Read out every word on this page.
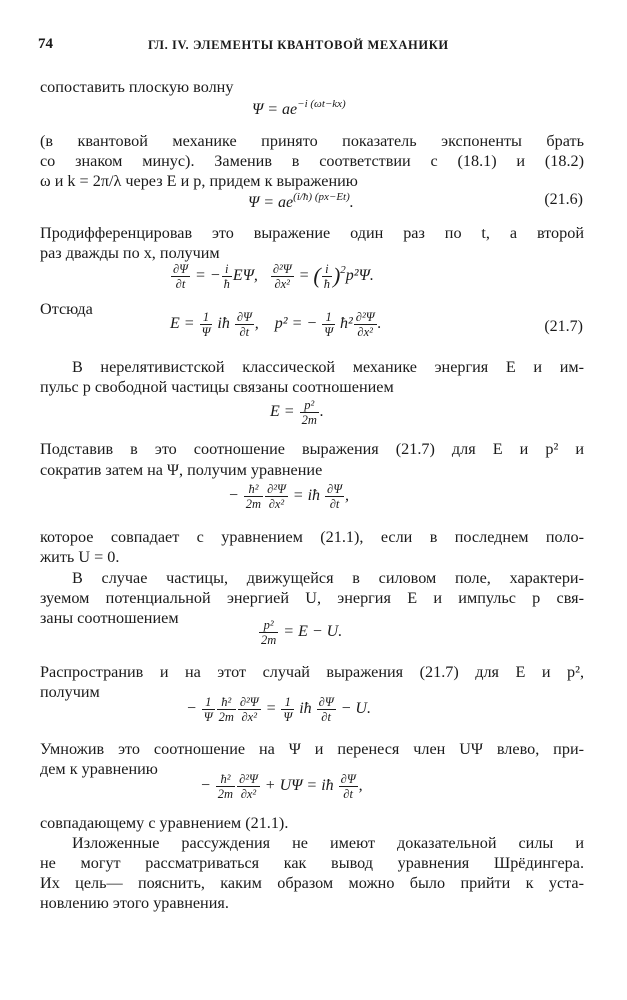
74	ГЛ. IV. ЭЛЕМЕНТЫ КВАНТОВОЙ МЕХАНИКИ
сопоставить плоскую волну
$\Psi = ae^{-i (\omega t-kx)}$
(в квантовой механике принято показатель экспоненты брать
со знаком минус). Заменив в соответствии с (18.1) и (18.2)
ω и k = 2π/λ через E и p, придем к выражению
$\Psi = ae^{(i/ħ) (px-Et)}$.	(21.6)
Продифференцировав это выражение один раз по t, а второй
раз дважды по x, получим
$\frac{\partial\Psi}{\partial t}$ = − $\frac{i}{ħ} E\Psi$, $\frac{\text{∂²Ψ}}{\text{∂x²}}$ = ( $\frac{i}{ħ} )^2p^2\Psi$.
Отсюда
$E = \frac{1}{\Psi}$ iħ $\frac{\partial\Psi}{\partial t}$ ,    p² = − $\frac{1}{\Psi}$ ħ² $\frac{\text{∂²Ψ}}{\text{∂x²}}$ .	(21.7)
В нерелятивистской классической механике энергия E и им-
пульс p свободной частицы связаны соотношением
$E = \frac{\text{p²}}{2m}$ .
Подставив в это соотношение выражения (21.7) для E и p² и
сократив затем на Ψ, получим уравнение
− $\frac{\text{ħ²}}{2m} \frac{\text{∂²Ψ}}{\text{∂x²}}$ = iħ $\frac{\partial\Psi}{\partial t}$ ,
которое совпадает с уравнением (21.1), если в последнем поло-
жить U = 0.
В случае частицы, движущейся в силовом поле, характери-
зуемом потенциальной энергией U, энергия E и импульс p свя-
заны соотношением	$\frac{\text{p²}}{2m} = E - U$.
Распространив и на этот случай выражения (21.7) для E и p²,
получим
− $\frac{1}{\Psi} \frac{\text{ħ²}}{2m} \frac{\text{∂²Ψ}}{\text{∂x²}} = \frac{1}{\Psi}$ iħ $\frac{\partial\Psi}{\partial t} - U$.
Умножив это соотношение на Ψ и перенеся член UΨ влево, при-
дем к уравнению
− $\frac{\text{ħ²}}{2m} \frac{\text{∂²Ψ}}{\text{∂x²}} + U\Psi$ = iħ $\frac{\partial\Psi}{\partial t}$ ,
совпадающему с уравнением (21.1).
Изложенные рассуждения не имеют доказательной силы и
не могут рассматриваться как вывод уравнения Шрёдингера.
Их цель— пояснить, каким образом можно было прийти к уста-
новлению этого уравнения.
